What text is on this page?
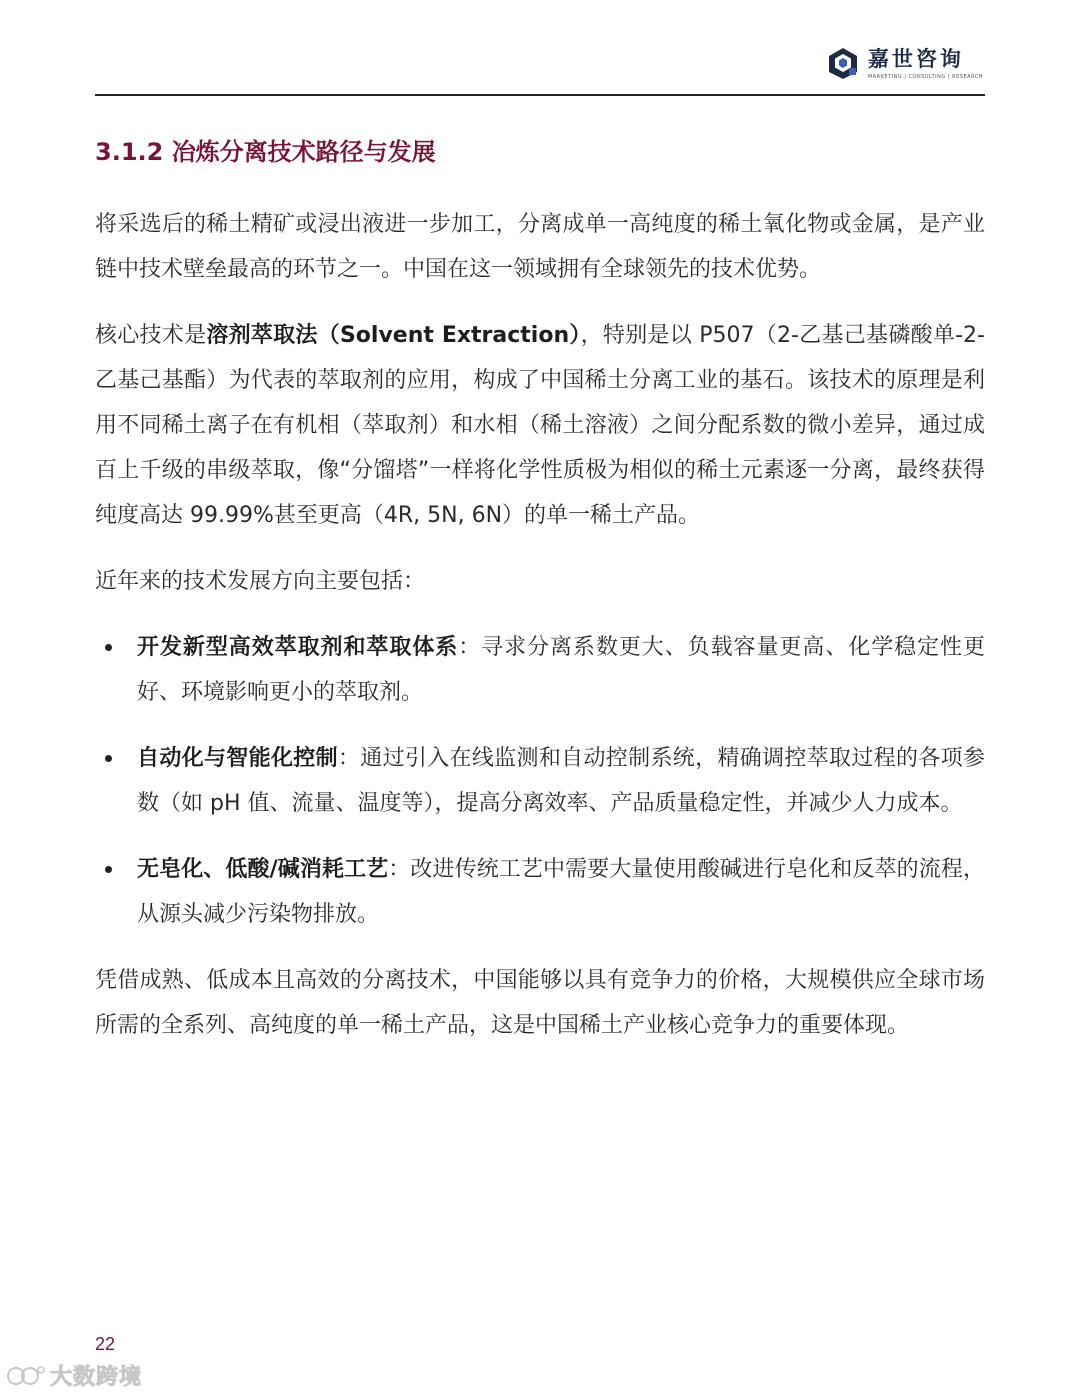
嘉世咨询
MARKETING | CONSULTING | RESEARCH
3.1.2 冶炼分离技术路径与发展

将采选后的稀土精矿或浸出液进一步加工，分离成单一高纯度的稀土氧化物或金属，是产业链中技术壁垒最高的环节之一。中国在这一领域拥有全球领先的技术优势。

核心技术是溶剂萃取法（Solvent Extraction），特别是以 P507（2-乙基己基磷酸单-2-乙基己基酯）为代表的萃取剂的应用，构成了中国稀土分离工业的基石。该技术的原理是利用不同稀土离子在有机相（萃取剂）和水相（稀土溶液）之间分配系数的微小差异，通过成百上千级的串级萃取，像“分馏塔”一样将化学性质极为相似的稀土元素逐一分离，最终获得纯度高达 99.99%甚至更高（4R, 5N, 6N）的单一稀土产品。

近年来的技术发展方向主要包括：

开发新型高效萃取剂和萃取体系：寻求分离系数更大、负载容量更高、化学稳定性更好、环境影响更小的萃取剂。
自动化与智能化控制：通过引入在线监测和自动控制系统，精确调控萃取过程的各项参数（如 pH 值、流量、温度等），提高分离效率、产品质量稳定性，并减少人力成本。
无皂化、低酸/碱消耗工艺：改进传统工艺中需要大量使用酸碱进行皂化和反萃的流程，从源头减少污染物排放。

凭借成熟、低成本且高效的分离技术，中国能够以具有竞争力的价格，大规模供应全球市场所需的全系列、高纯度的单一稀土产品，这是中国稀土产业核心竞争力的重要体现。

22
大数跨境
